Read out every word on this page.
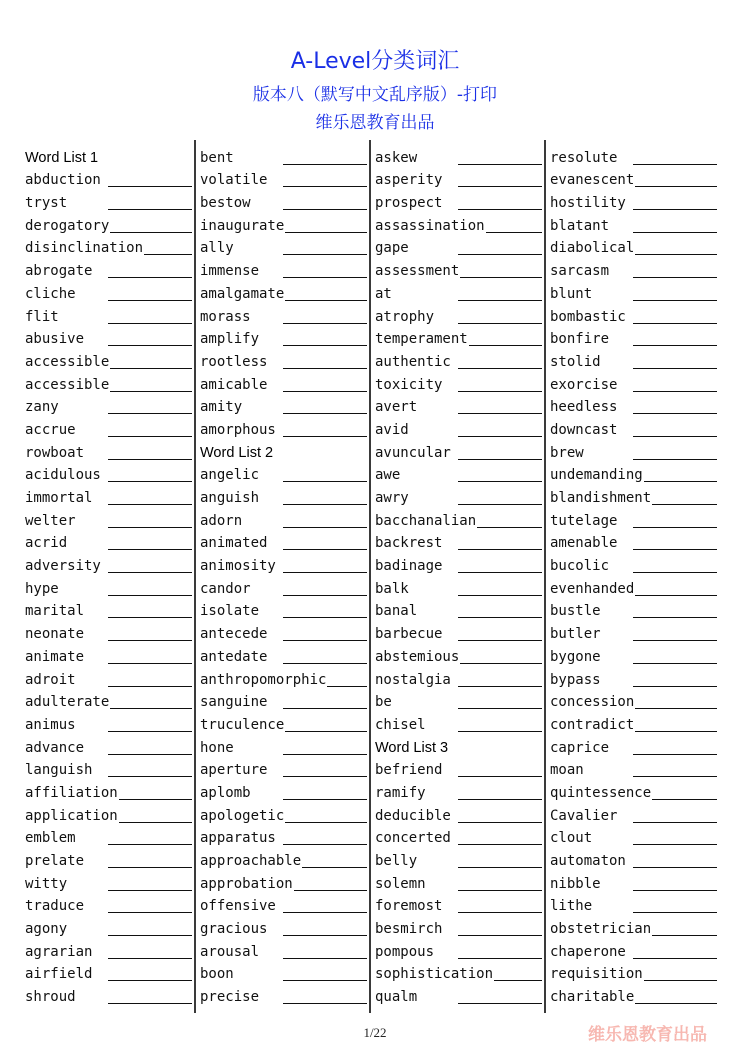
A-Level分类词汇
版本八（默写中文乱序版）-打印
维乐恩教育出品
Word List 1
abduction
tryst
derogatory
disinclination
abrogate
cliche
flit
abusive
accessible
accessible
zany
accrue
rowboat
acidulous
immortal
welter
acrid
adversity
hype
marital
neonate
animate
adroit
adulterate
animus
advance
languish
affiliation
application
emblem
prelate
witty
traduce
agony
agrarian
airfield
shroud
bent
volatile
bestow
inaugurate
ally
immense
amalgamate
morass
amplify
rootless
amicable
amity
amorphous
Word List 2
angelic
anguish
adorn
animated
animosity
candor
isolate
antecede
antedate
anthropomorphic
sanguine
truculence
hone
aperture
aplomb
apologetic
apparatus
approachable
approbation
offensive
gracious
arousal
boon
precise
askew
asperity
prospect
assassination
gape
assessment
at
atrophy
temperament
authentic
toxicity
avert
avid
avuncular
awe
awry
bacchanalian
backrest
badinage
balk
banal
barbecue
abstemious
nostalgia
be
chisel
Word List 3
befriend
ramify
deducible
concerted
belly
solemn
foremost
besmirch
pompous
sophistication
qualm
resolute
evanescent
hostility
blatant
diabolical
sarcasm
blunt
bombastic
bonfire
stolid
exorcise
heedless
downcast
brew
undemanding
blandishment
tutelage
amenable
bucolic
evenhanded
bustle
butler
bygone
bypass
concession
contradict
caprice
moan
quintessence
Cavalier
clout
automaton
nibble
lithe
obstetrician
chaperone
requisition
charitable
1/22	维乐恩教育出品
